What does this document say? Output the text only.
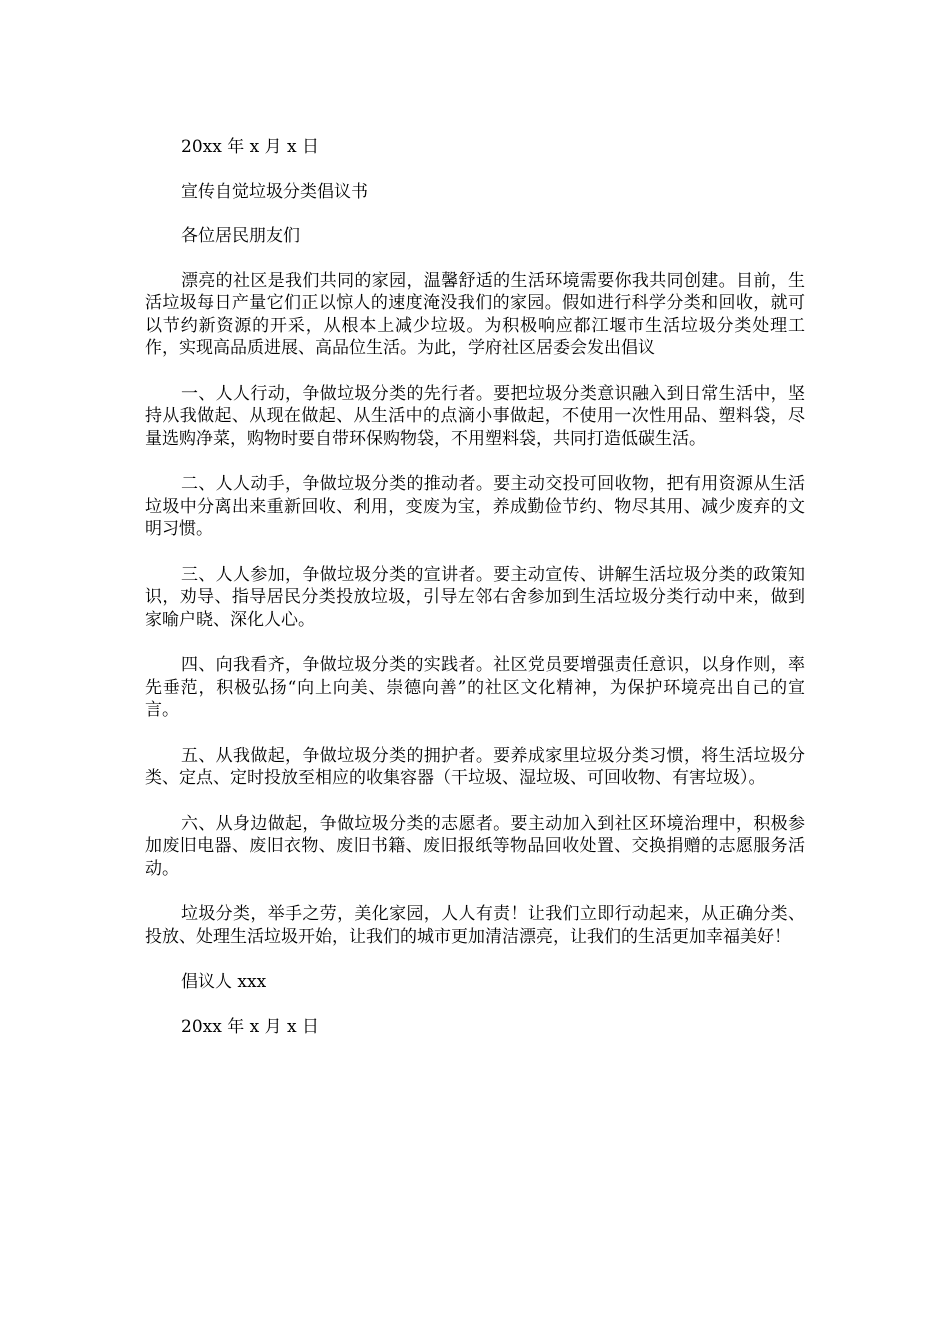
20xx 年 x 月 x 日

宣传自觉垃圾分类倡议书

各位居民朋友们

漂亮的社区是我们共同的家园，温馨舒适的生活环境需要你我共同创建。目前，生活垃圾每日产量它们正以惊人的速度淹没我们的家园。假如进行科学分类和回收，就可以节约新资源的开采，从根本上减少垃圾。为积极响应都江堰市生活垃圾分类处理工作，实现高品质进展、高品位生活。为此，学府社区居委会发出倡议

一、人人行动，争做垃圾分类的先行者。要把垃圾分类意识融入到日常生活中，坚持从我做起、从现在做起、从生活中的点滴小事做起，不使用一次性用品、塑料袋，尽量选购净菜，购物时要自带环保购物袋，不用塑料袋，共同打造低碳生活。

二、人人动手，争做垃圾分类的推动者。要主动交投可回收物，把有用资源从生活垃圾中分离出来重新回收、利用，变废为宝，养成勤俭节约、物尽其用、减少废弃的文明习惯。

三、人人参加，争做垃圾分类的宣讲者。要主动宣传、讲解生活垃圾分类的政策知识，劝导、指导居民分类投放垃圾，引导左邻右舍参加到生活垃圾分类行动中来，做到家喻户晓、深化人心。

四、向我看齐，争做垃圾分类的实践者。社区党员要增强责任意识，以身作则，率先垂范，积极弘扬“向上向美、崇德向善”的社区文化精神，为保护环境亮出自己的宣言。

五、从我做起，争做垃圾分类的拥护者。要养成家里垃圾分类习惯，将生活垃圾分类、定点、定时投放至相应的收集容器（干垃圾、湿垃圾、可回收物、有害垃圾）。

六、从身边做起，争做垃圾分类的志愿者。要主动加入到社区环境治理中，积极参加废旧电器、废旧衣物、废旧书籍、废旧报纸等物品回收处置、交换捐赠的志愿服务活动。

垃圾分类，举手之劳，美化家园，人人有责！让我们立即行动起来，从正确分类、投放、处理生活垃圾开始，让我们的城市更加清洁漂亮，让我们的生活更加幸福美好！

倡议人 xxx

20xx 年 x 月 x 日
